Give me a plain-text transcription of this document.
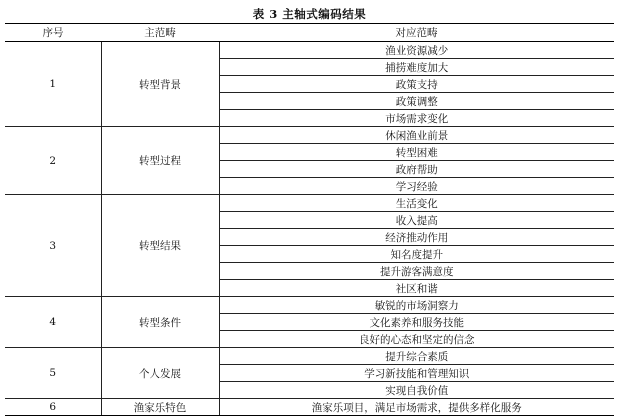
表 3 主轴式编码结果
序号	主范畴	对应范畴
1	转型背景	渔业资源减少
		捕捞难度加大
		政策支持
		政策调整
		市场需求变化
2	转型过程	休闲渔业前景
		转型困难
		政府帮助
		学习经验
3	转型结果	生活变化
		收入提高
		经济推动作用
		知名度提升
		提升游客满意度
		社区和谐
4	转型条件	敏锐的市场洞察力
		文化素养和服务技能
		良好的心态和坚定的信念
5	个人发展	提升综合素质
		学习新技能和管理知识
		实现自我价值
6	渔家乐特色	渔家乐项目，满足市场需求，提供多样化服务
